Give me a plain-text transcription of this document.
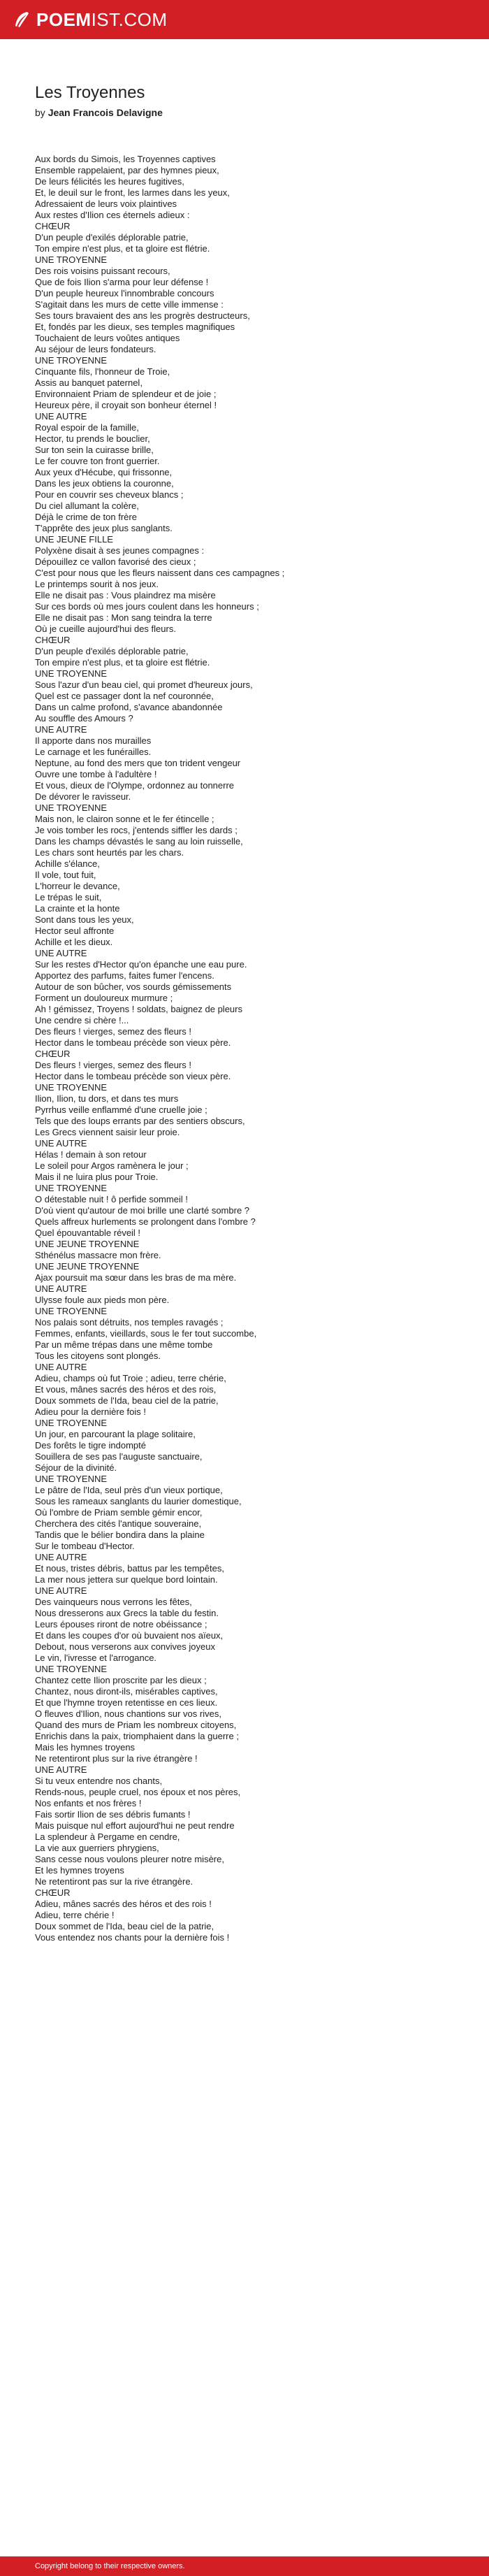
POEMIST.COM
Les Troyennes
by Jean Francois Delavigne
Aux bords du Simois, les Troyennes captives
Ensemble rappelaient, par des hymnes pieux,
De leurs félicités les heures fugitives,
Et, le deuil sur le front, les larmes dans les yeux,
Adressaient de leurs voix plaintives
Aux restes d'Ilion ces éternels adieux :
CHŒUR
D'un peuple d'exilés déplorable patrie,
Ton empire n'est plus, et ta gloire est flétrie.
UNE TROYENNE
Des rois voisins puissant recours,
Que de fois Ilion s'arma pour leur défense !
D'un peuple heureux l'innombrable concours
S'agitait dans les murs de cette ville immense :
Ses tours bravaient des ans les progrès destructeurs,
Et, fondés par les dieux, ses temples magnifiques
Touchaient de leurs voûtes antiques
Au séjour de leurs fondateurs.
UNE TROYENNE
Cinquante fils, l'honneur de Troie,
Assis au banquet paternel,
Environnaient Priam de splendeur et de joie ;
Heureux père, il croyait son bonheur éternel !
UNE AUTRE
Royal espoir de la famille,
Hector, tu prends le bouclier,
Sur ton sein la cuirasse brille,
Le fer couvre ton front guerrier.
Aux yeux d'Hécube, qui frissonne,
Dans les jeux obtiens la couronne,
Pour en couvrir ses cheveux blancs ;
Du ciel allumant la colère,
Déjà le crime de ton frère
T'apprête des jeux plus sanglants.
UNE JEUNE FILLE
Polyxène disait à ses jeunes compagnes :
Dépouillez ce vallon favorisé des cieux ;
C'est pour nous que les fleurs naissent dans ces campagnes ;
Le printemps sourit à nos jeux.
Elle ne disait pas : Vous plaindrez ma misère
Sur ces bords où mes jours coulent dans les honneurs ;
Elle ne disait pas : Mon sang teindra la terre
Où je cueille aujourd'hui des fleurs.
CHŒUR
D'un peuple d'exilés déplorable patrie,
Ton empire n'est plus, et ta gloire est flétrie.
UNE TROYENNE
Sous l'azur d'un beau ciel, qui promet d'heureux jours,
Quel est ce passager dont la nef couronnée,
Dans un calme profond, s'avance abandonnée
Au souffle des Amours ?
UNE AUTRE
Il apporte dans nos murailles
Le carnage et les funérailles.
Neptune, au fond des mers que ton trident vengeur
Ouvre une tombe à l'adultère !
Et vous, dieux de l'Olympe, ordonnez au tonnerre
De dévorer le ravisseur.
UNE TROYENNE
Mais non, le clairon sonne et le fer étincelle ;
Je vois tomber les rocs, j'entends siffler les dards ;
Dans les champs dévastés le sang au loin ruisselle,
Les chars sont heurtés par les chars.
Achille s'élance,
Il vole, tout fuit,
L'horreur le devance,
Le trépas le suit,
La crainte et la honte
Sont dans tous les yeux,
Hector seul affronte
Achille et les dieux.
UNE AUTRE
Sur les restes d'Hector qu'on épanche une eau pure.
Apportez des parfums, faites fumer l'encens.
Autour de son bûcher, vos sourds gémissements
Forment un douloureux murmure ;
Ah ! gémissez, Troyens ! soldats, baignez de pleurs
Une cendre si chère !...
Des fleurs ! vierges, semez des fleurs !
Hector dans le tombeau précède son vieux père.
CHŒUR
Des fleurs ! vierges, semez des fleurs !
Hector dans le tombeau précède son vieux père.
UNE TROYENNE
Ilion, Ilion, tu dors, et dans tes murs
Pyrrhus veille enflammé d'une cruelle joie ;
Tels que des loups errants par des sentiers obscurs,
Les Grecs viennent saisir leur proie.
UNE AUTRE
Hélas ! demain à son retour
Le soleil pour Argos ramènera le jour ;
Mais il ne luira plus pour Troie.
UNE TROYENNE
O détestable nuit ! ô perfide sommeil !
D'où vient qu'autour de moi brille une clarté sombre ?
Quels affreux hurlements se prolongent dans l'ombre ?
Quel épouvantable réveil !
UNE JEUNE TROYENNE
Sthénélus massacre mon frère.
UNE JEUNE TROYENNE
Ajax poursuit ma sœur dans les bras de ma mère.
UNE AUTRE
Ulysse foule aux pieds mon père.
UNE TROYENNE
Nos palais sont détruits, nos temples ravagés ;
Femmes, enfants, vieillards, sous le fer tout succombe,
Par un même trépas dans une même tombe
Tous les citoyens sont plongés.
UNE AUTRE
Adieu, champs où fut Troie ; adieu, terre chérie,
Et vous, mânes sacrés des héros et des rois,
Doux sommets de l'Ida, beau ciel de la patrie,
Adieu pour la dernière fois !
UNE TROYENNE
Un jour, en parcourant la plage solitaire,
Des forêts le tigre indompté
Souillera de ses pas l'auguste sanctuaire,
Séjour de la divinité.
UNE TROYENNE
Le pâtre de l'Ida, seul près d'un vieux portique,
Sous les rameaux sanglants du laurier domestique,
Où l'ombre de Priam semble gémir encor,
Cherchera des cités l'antique souveraine,
Tandis que le bélier bondira dans la plaine
Sur le tombeau d'Hector.
UNE AUTRE
Et nous, tristes débris, battus par les tempêtes,
La mer nous jettera sur quelque bord lointain.
UNE AUTRE
Des vainqueurs nous verrons les fêtes,
Nous dresserons aux Grecs la table du festin.
Leurs épouses riront de notre obéissance ;
Et dans les coupes d'or où buvaient nos aïeux,
Debout, nous verserons aux convives joyeux
Le vin, l'ivresse et l'arrogance.
UNE TROYENNE
Chantez cette Ilion proscrite par les dieux ;
Chantez, nous diront-ils, misérables captives,
Et que l'hymne troyen retentisse en ces lieux.
O fleuves d'Ilion, nous chantions sur vos rives,
Quand des murs de Priam les nombreux citoyens,
Enrichis dans la paix, triomphaient dans la guerre ;
Mais les hymnes troyens
Ne retentiront plus sur la rive étrangère !
UNE AUTRE
Si tu veux entendre nos chants,
Rends-nous, peuple cruel, nos époux et nos pères,
Nos enfants et nos frères !
Fais sortir Ilion de ses débris fumants !
Mais puisque nul effort aujourd'hui ne peut rendre
La splendeur à Pergame en cendre,
La vie aux guerriers phrygiens,
Sans cesse nous voulons pleurer notre misère,
Et les hymnes troyens
Ne retentiront pas sur la rive étrangère.
CHŒUR
Adieu, mânes sacrés des héros et des rois !
Adieu, terre chérie !
Doux sommet de l'Ida, beau ciel de la patrie,
Vous entendez nos chants pour la dernière fois !
Copyright belong to their respective owners.
